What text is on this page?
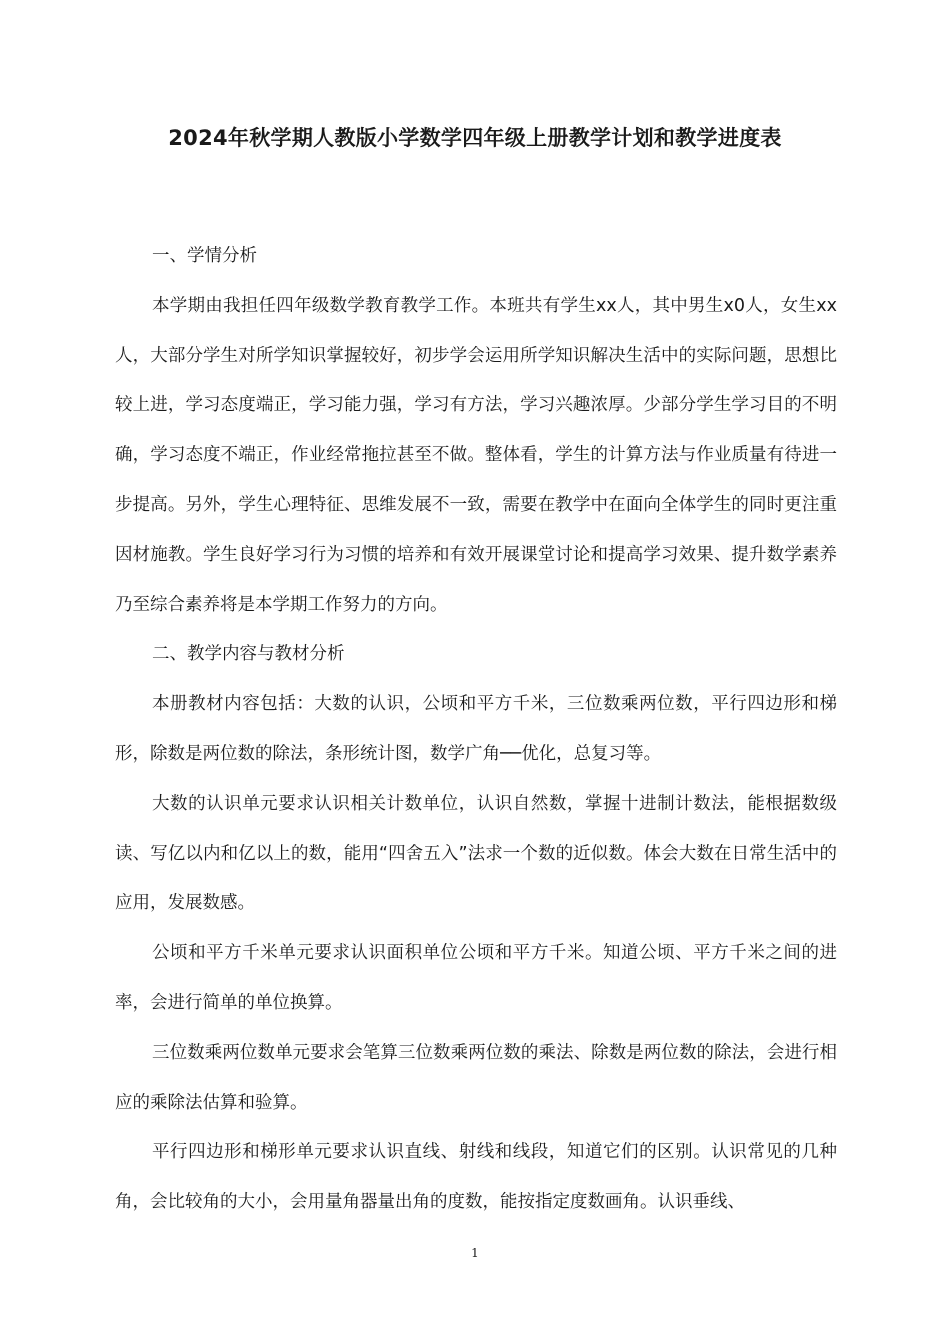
2024年秋学期人教版小学数学四年级上册教学计划和教学进度表

一、学情分析

本学期由我担任四年级数学教育教学工作。本班共有学生xx人，其中男生x0人，女生xx人，大部分学生对所学知识掌握较好，初步学会运用所学知识解决生活中的实际问题，思想比较上进，学习态度端正，学习能力强，学习有方法，学习兴趣浓厚。少部分学生学习目的不明确，学习态度不端正，作业经常拖拉甚至不做。整体看，学生的计算方法与作业质量有待进一步提高。另外，学生心理特征、思维发展不一致，需要在教学中在面向全体学生的同时更注重因材施教。学生良好学习行为习惯的培养和有效开展课堂讨论和提高学习效果、提升数学素养乃至综合素养将是本学期工作努力的方向。

二、教学内容与教材分析

本册教材内容包括：大数的认识，公顷和平方千米，三位数乘两位数，平行四边形和梯形，除数是两位数的除法，条形统计图，数学广角──优化，总复习等。

大数的认识单元要求认识相关计数单位，认识自然数，掌握十进制计数法，能根据数级读、写亿以内和亿以上的数，能用“四舍五入”法求一个数的近似数。体会大数在日常生活中的应用，发展数感。

公顷和平方千米单元要求认识面积单位公顷和平方千米。知道公顷、平方千米之间的进率，会进行简单的单位换算。

三位数乘两位数单元要求会笔算三位数乘两位数的乘法、除数是两位数的除法，会进行相应的乘除法估算和验算。

平行四边形和梯形单元要求认识直线、射线和线段，知道它们的区别。认识常见的几种角，会比较角的大小，会用量角器量出角的度数，能按指定度数画角。认识垂线、

1
